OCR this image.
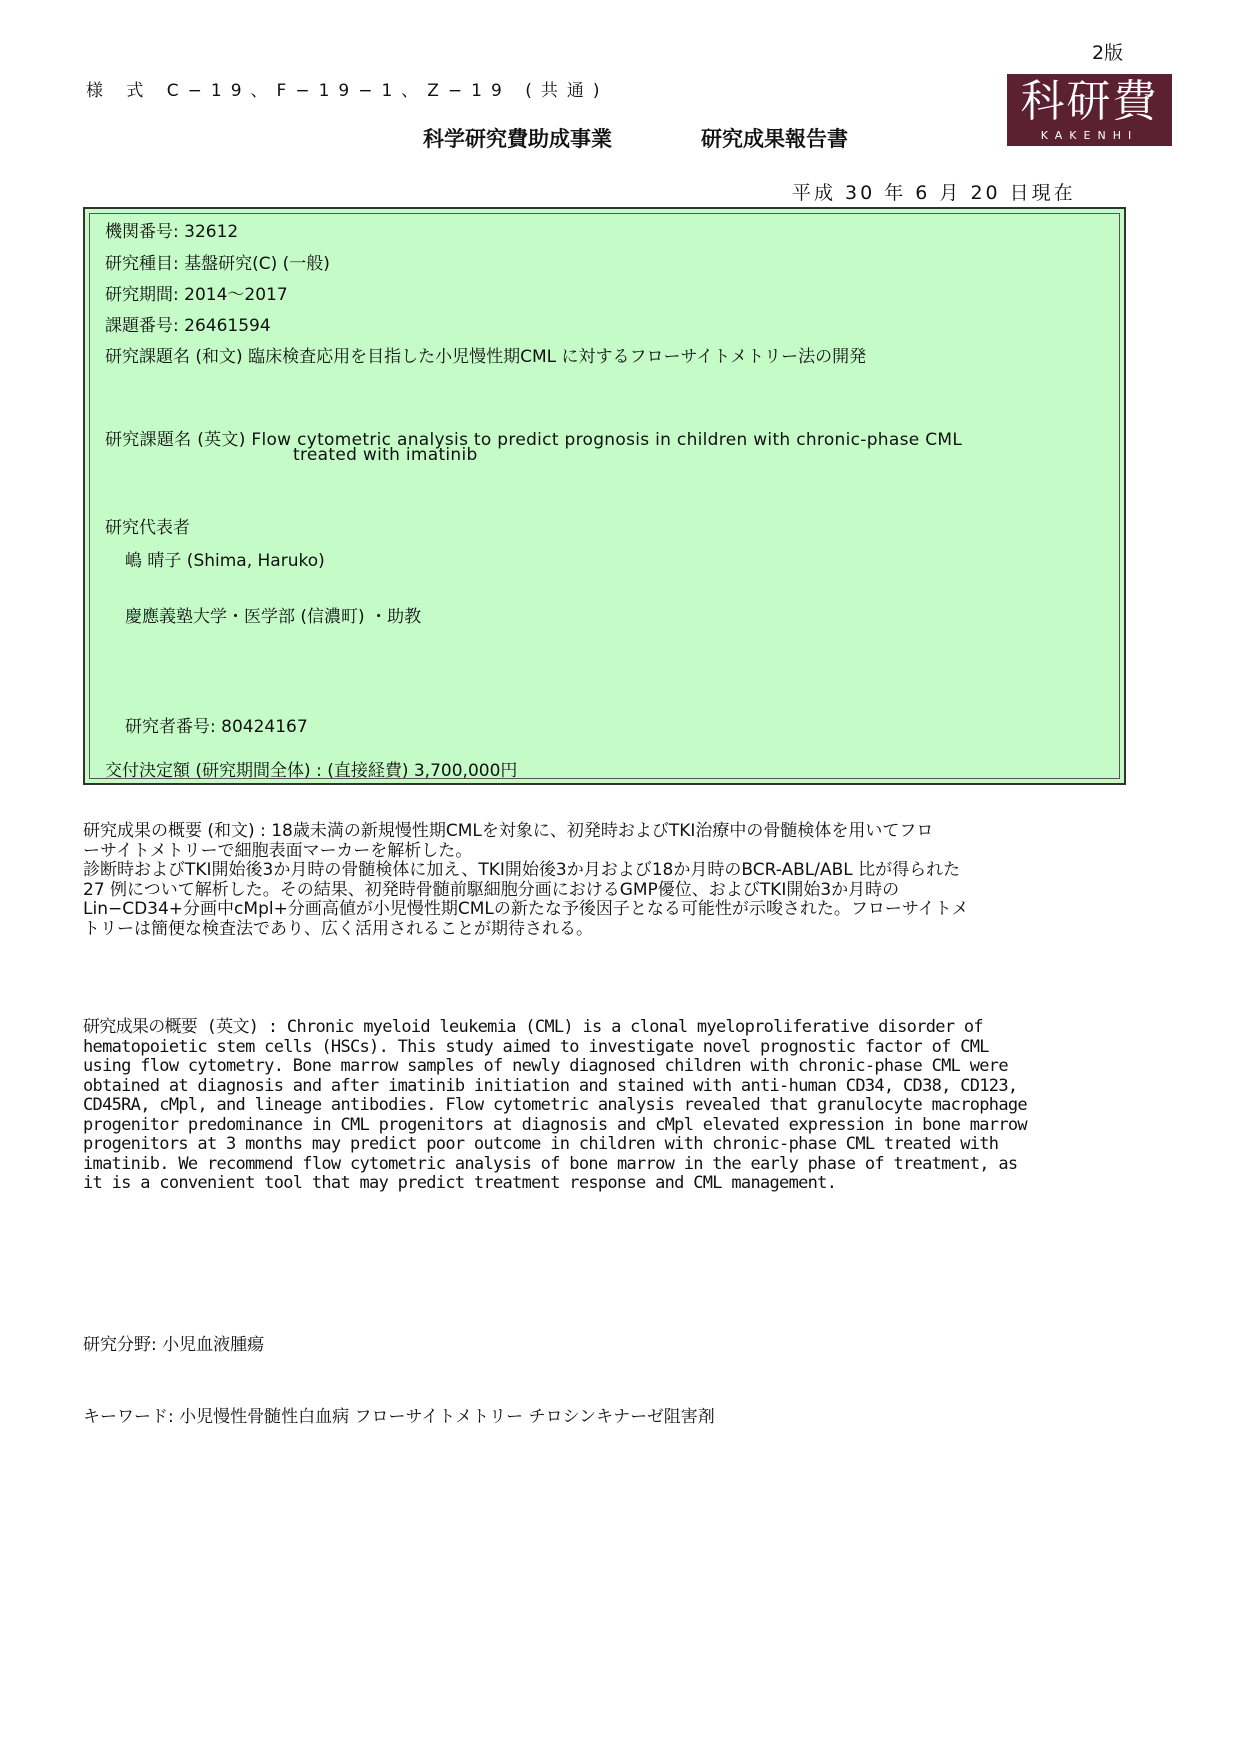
2版
様 式 C−19、F−19−1、Z−19 (共通)
科学研究費助成事業	研究成果報告書
科研費
KAKENHI
平成 30 年 6 月 20 日現在
機関番号: 32612
研究種目: 基盤研究(C) (一般)
研究期間: 2014〜2017
課題番号: 26461594
研究課題名 (和文) 臨床検査応用を目指した小児慢性期CML に対するフローサイトメトリー法の開発
研究課題名 (英文) Flow cytometric analysis to predict prognosis in children with chronic-phase CML
treated with imatinib
研究代表者
嶋 晴子 (Shima, Haruko)
慶應義塾大学・医学部 (信濃町) ・助教
研究者番号: 80424167
交付決定額 (研究期間全体) : (直接経費) 3,700,000円
研究成果の概要 (和文) : 18歳未満の新規慢性期CMLを対象に、初発時およびTKI治療中の骨髄検体を用いてフロ
ーサイトメトリーで細胞表面マーカーを解析した。
診断時およびTKI開始後3か月時の骨髄検体に加え、TKI開始後3か月および18か月時のBCR-ABL/ABL 比が得られた
27 例について解析した。その結果、初発時骨髄前駆細胞分画におけるGMP優位、およびTKI開始3か月時の
Lin−CD34+分画中cMpl+分画高値が小児慢性期CMLの新たな予後因子となる可能性が示唆された。フローサイトメ
トリーは簡便な検査法であり、広く活用されることが期待される。
研究成果の概要 (英文) : Chronic myeloid leukemia (CML) is a clonal myeloproliferative disorder of
hematopoietic stem cells (HSCs). This study aimed to investigate novel prognostic factor of CML
using flow cytometry. Bone marrow samples of newly diagnosed children with chronic-phase CML were
obtained at diagnosis and after imatinib initiation and stained with anti-human CD34, CD38, CD123,
CD45RA, cMpl, and lineage antibodies. Flow cytometric analysis revealed that granulocyte macrophage
progenitor predominance in CML progenitors at diagnosis and cMpl elevated expression in bone marrow
progenitors at 3 months may predict poor outcome in children with chronic-phase CML treated with
imatinib. We recommend flow cytometric analysis of bone marrow in the early phase of treatment, as
it is a convenient tool that may predict treatment response and CML management.
研究分野: 小児血液腫瘍
キーワード: 小児慢性骨髄性白血病 フローサイトメトリー チロシンキナーゼ阻害剤
